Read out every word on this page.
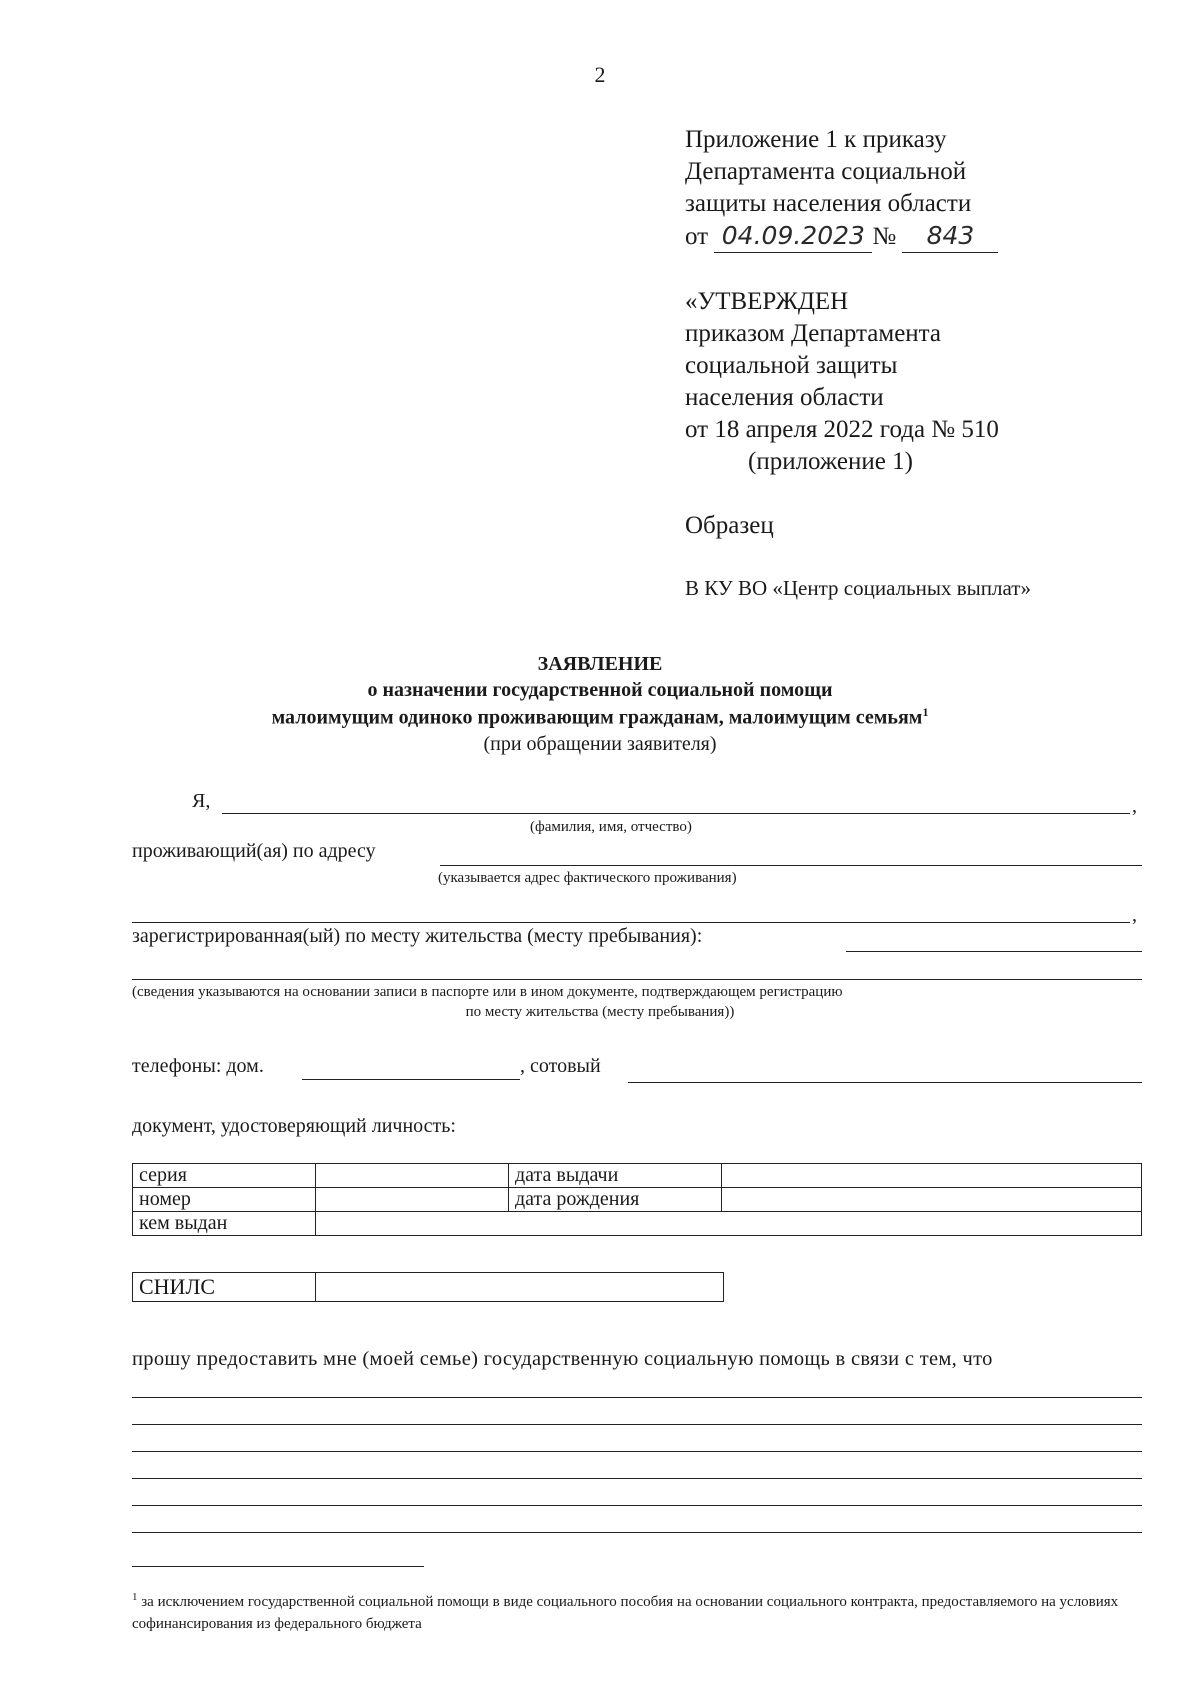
2
Приложение 1 к приказу
Департамента социальной
защиты населения области
от 04.09.2023 № 843
«УТВЕРЖДЕН
приказом Департамента
социальной защиты
населения области
от 18 апреля 2022 года № 510
(приложение 1)
Образец
В КУ ВО «Центр социальных выплат»
ЗАЯВЛЕНИЕ
о назначении государственной социальной помощи
малоимущим одиноко проживающим гражданам, малоимущим семьям$^1$
(при обращении заявителя)
Я,	,
(фамилия, имя, отчество)
проживающий(ая) по адресу
(указывается адрес фактического проживания)
,
зарегистрированная(ый) по месту жительства (месту пребывания):
(сведения указываются на основании записи в паспорте или в ином документе, подтверждающем регистрацию
по месту жительства (месту пребывания))
телефоны: дом.	, сотовый
документ, удостоверяющий личность:
серия		дата выдачи	
номер		дата рождения	
кем выдан			
СНИЛС	
прошу предоставить мне (моей семье) государственную социальную помощь в связи с тем, что
$^1$ за исключением государственной социальной помощи в виде социального пособия на основании социального контракта, предоставляемого на условиях софинансирования из федерального бюджета
